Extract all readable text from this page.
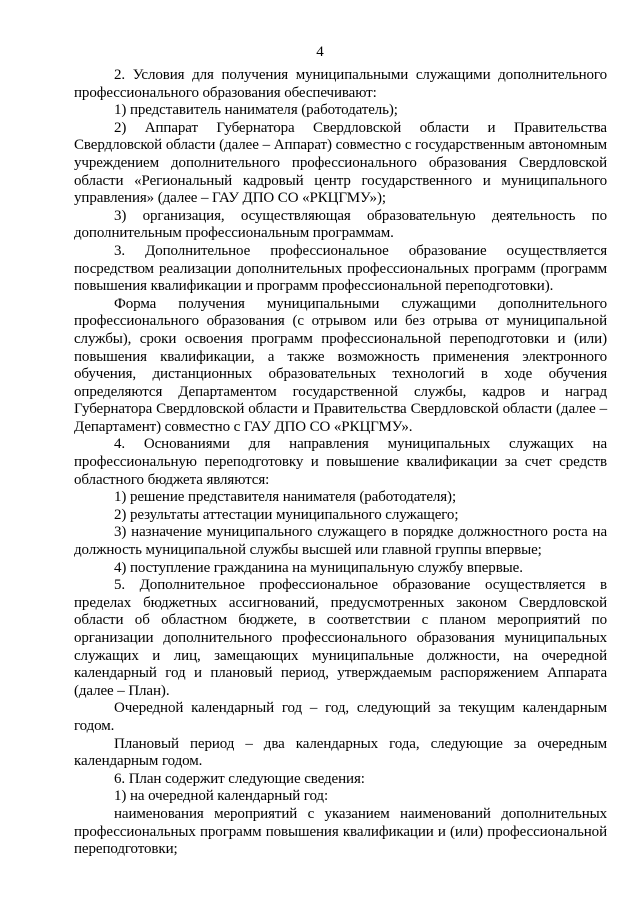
4

2. Условия для получения муниципальными служащими дополнительного профессионального образования обеспечивают:

1) представитель нанимателя (работодатель);

2) Аппарат Губернатора Свердловской области и Правительства Свердловской области (далее – Аппарат) совместно с государственным автономным учреждением дополнительного профессионального образования Свердловской области «Региональный кадровый центр государственного и муниципального управления» (далее – ГАУ ДПО СО «РКЦГМУ»);

3) организация, осуществляющая образовательную деятельность по дополнительным профессиональным программам.

3. Дополнительное профессиональное образование осуществляется посредством реализации дополнительных профессиональных программ (программ повышения квалификации и программ профессиональной переподготовки).

Форма получения муниципальными служащими дополнительного профессионального образования (с отрывом или без отрыва от муниципальной службы), сроки освоения программ профессиональной переподготовки и (или) повышения квалификации, а также возможность применения электронного обучения, дистанционных образовательных технологий в ходе обучения определяются Департаментом государственной службы, кадров и наград Губернатора Свердловской области и Правительства Свердловской области (далее – Департамент) совместно с ГАУ ДПО СО «РКЦГМУ».

4. Основаниями для направления муниципальных служащих на профессиональную переподготовку и повышение квалификации за счет средств областного бюджета являются:

1) решение представителя нанимателя (работодателя);

2) результаты аттестации муниципального служащего;

3) назначение муниципального служащего в порядке должностного роста на должность муниципальной службы высшей или главной группы впервые;

4) поступление гражданина на муниципальную службу впервые.

5. Дополнительное профессиональное образование осуществляется в пределах бюджетных ассигнований, предусмотренных законом Свердловской области об областном бюджете, в соответствии с планом мероприятий по организации дополнительного профессионального образования муниципальных служащих и лиц, замещающих муниципальные должности, на очередной календарный год и плановый период, утверждаемым распоряжением Аппарата (далее – План).

Очередной календарный год – год, следующий за текущим календарным годом.

Плановый период – два календарных года, следующие за очередным календарным годом.

6. План содержит следующие сведения:

1) на очередной календарный год:

наименования мероприятий с указанием наименований дополнительных профессиональных программ повышения квалификации и (или) профессиональной переподготовки;
